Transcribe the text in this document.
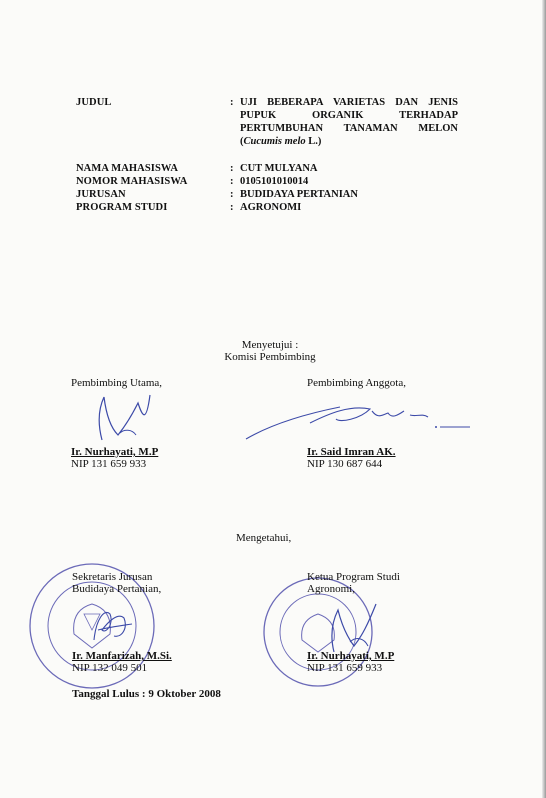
JUDUL	: UJI BEBERAPA VARIETAS DAN JENIS
PUPUK ORGANIK TERHADAP
PERTUMBUHAN TANAMAN MELON
(Cucumis melo L.)
NAMA MAHASISWA
NOMOR MAHASISWA
JURUSAN
PROGRAM STUDI
:
:
:
:
CUT MULYANA
0105101010014
BUDIDAYA PERTANIAN
AGRONOMI
Menyetujui :
Komisi Pembimbing
Pembimbing Utama,
Ir. Nurhayati, M.P
NIP 131 659 933
Pembimbing Anggota,
Ir. Said Imran AK.
NIP 130 687 644
Mengetahui,
Sekretaris Jurusan
Budidaya Pertanian,
Ir. Manfarizah, M.Si.
NIP 132 049 501
Ketua Program Studi
Agronomi,
Ir. Nurhayati, M.P
NIP 131 659 933
Tanggal Lulus : 9 Oktober 2008
